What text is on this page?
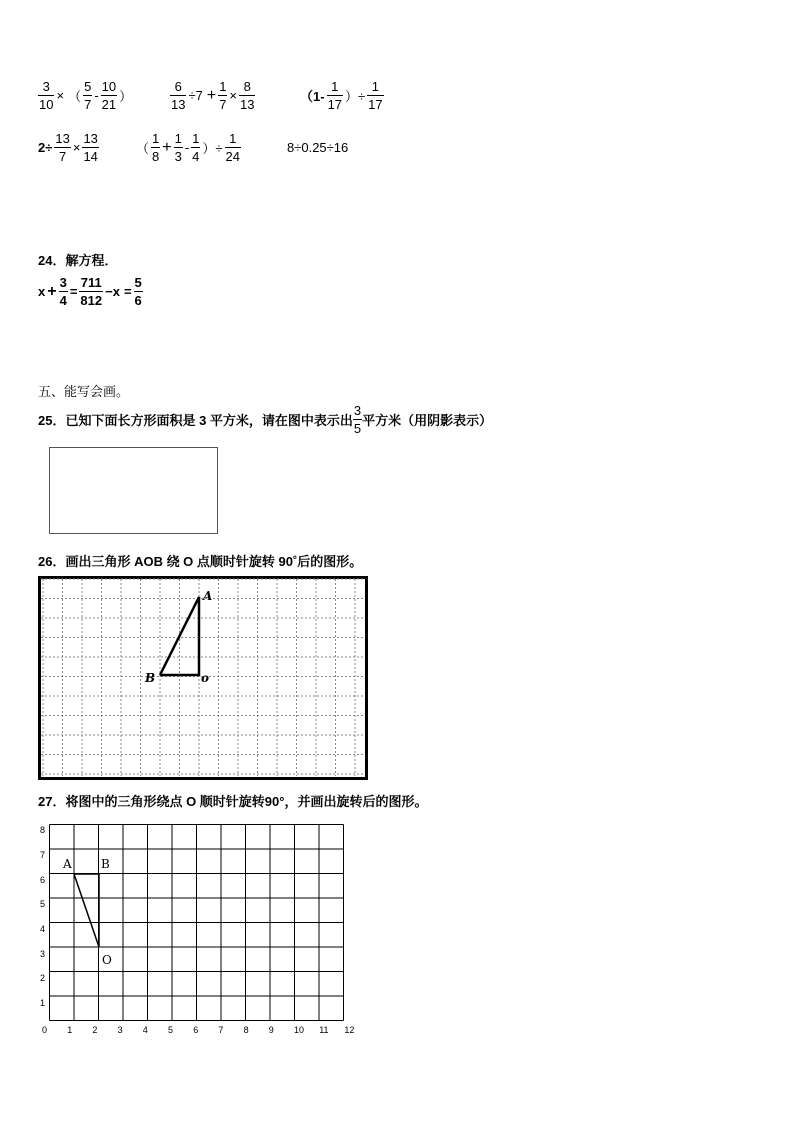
$\frac{3}{10}$ × （ $\frac{5}{7} - \frac{10}{21}$ ）	$\frac{6}{13} \div 7 + \frac{1}{7} \times \frac{8}{13}$	（$1- \frac{1}{17}$ ）÷ $\frac{1}{17}$
$2\div \frac{13}{7} \times \frac{13}{14}$	（ $\frac{1}{8} + \frac{1}{3} - \frac{1}{4}$ ）÷ $\frac{1}{24}$	8÷0.25÷16
24．解方程．
$x + \frac{3}{4} = \frac{711}{812} -x = \frac{5}{6}$
五、能写会画。
25．已知下面长方形面积是 3 平方米，请在图中表示出 $\frac{3}{5}$ 平方米（用阴影表示）
26．画出三角形 AOB 绕 O 点顺时针旋转 90˚后的图形。
A
B	o
27．将图中的三角形绕点 O 顺时针旋转90°，并画出旋转后的图形。
0 1 2 3 4 5 6 7 8 9 10 11 12
1
2
3
4
5
6
7
8
A B
O
